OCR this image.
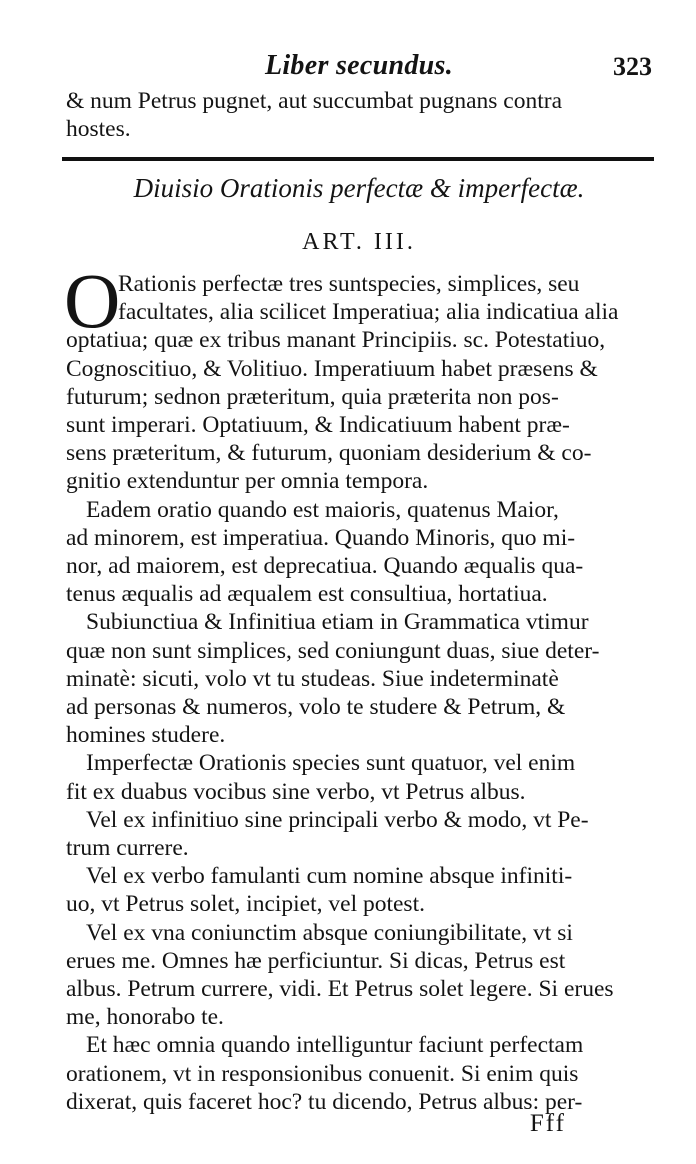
Liber secundus.	323
& num Petrus pugnet, aut succumbat pugnans contra
hostes.
Diuisio Orationis perfectæ & imperfectæ.
ART. III.
O
Rationis perfectæ tres suntspecies, simplices, seu
facultates, alia scilicet Imperatiua; alia indicatiua alia
optatiua; quæ ex tribus manant Principiis. sc. Potestatiuo,
Cognoscitiuo, & Volitiuo. Imperatiuum habet præsens &
futurum; sednon præteritum, quia præterita non pos-
sunt imperari. Optatiuum, & Indicatiuum habent præ-
sens præteritum, & futurum, quoniam desiderium & co-
gnitio extenduntur per omnia tempora.
Eadem oratio quando est maioris, quatenus Maior,
ad minorem, est imperatiua. Quando Minoris, quo mi-
nor, ad maiorem, est deprecatiua. Quando æqualis qua-
tenus æqualis ad æqualem est consultiua, hortatiua.
Subiunctiua & Infinitiua etiam in Grammatica vtimur
quæ non sunt simplices, sed coniungunt duas, siue deter-
minatè: sicuti, volo vt tu studeas. Siue indeterminatè
ad personas & numeros, volo te studere & Petrum, &
homines studere.
Imperfectæ Orationis species sunt quatuor, vel enim
fit ex duabus vocibus sine verbo, vt Petrus albus.
Vel ex infinitiuo sine principali verbo & modo, vt Pe-
trum currere.
Vel ex verbo famulanti cum nomine absque infiniti-
uo, vt Petrus solet, incipiet, vel potest.
Vel ex vna coniunctim absque coniungibilitate, vt si
erues me. Omnes hæ perficiuntur. Si dicas, Petrus est
albus. Petrum currere, vidi. Et Petrus solet legere. Si erues
me, honorabo te.
Et hæc omnia quando intelliguntur faciunt perfectam
orationem, vt in responsionibus conuenit. Si enim quis
dixerat, quis faceret hoc? tu dicendo, Petrus albus: per-
Fff
